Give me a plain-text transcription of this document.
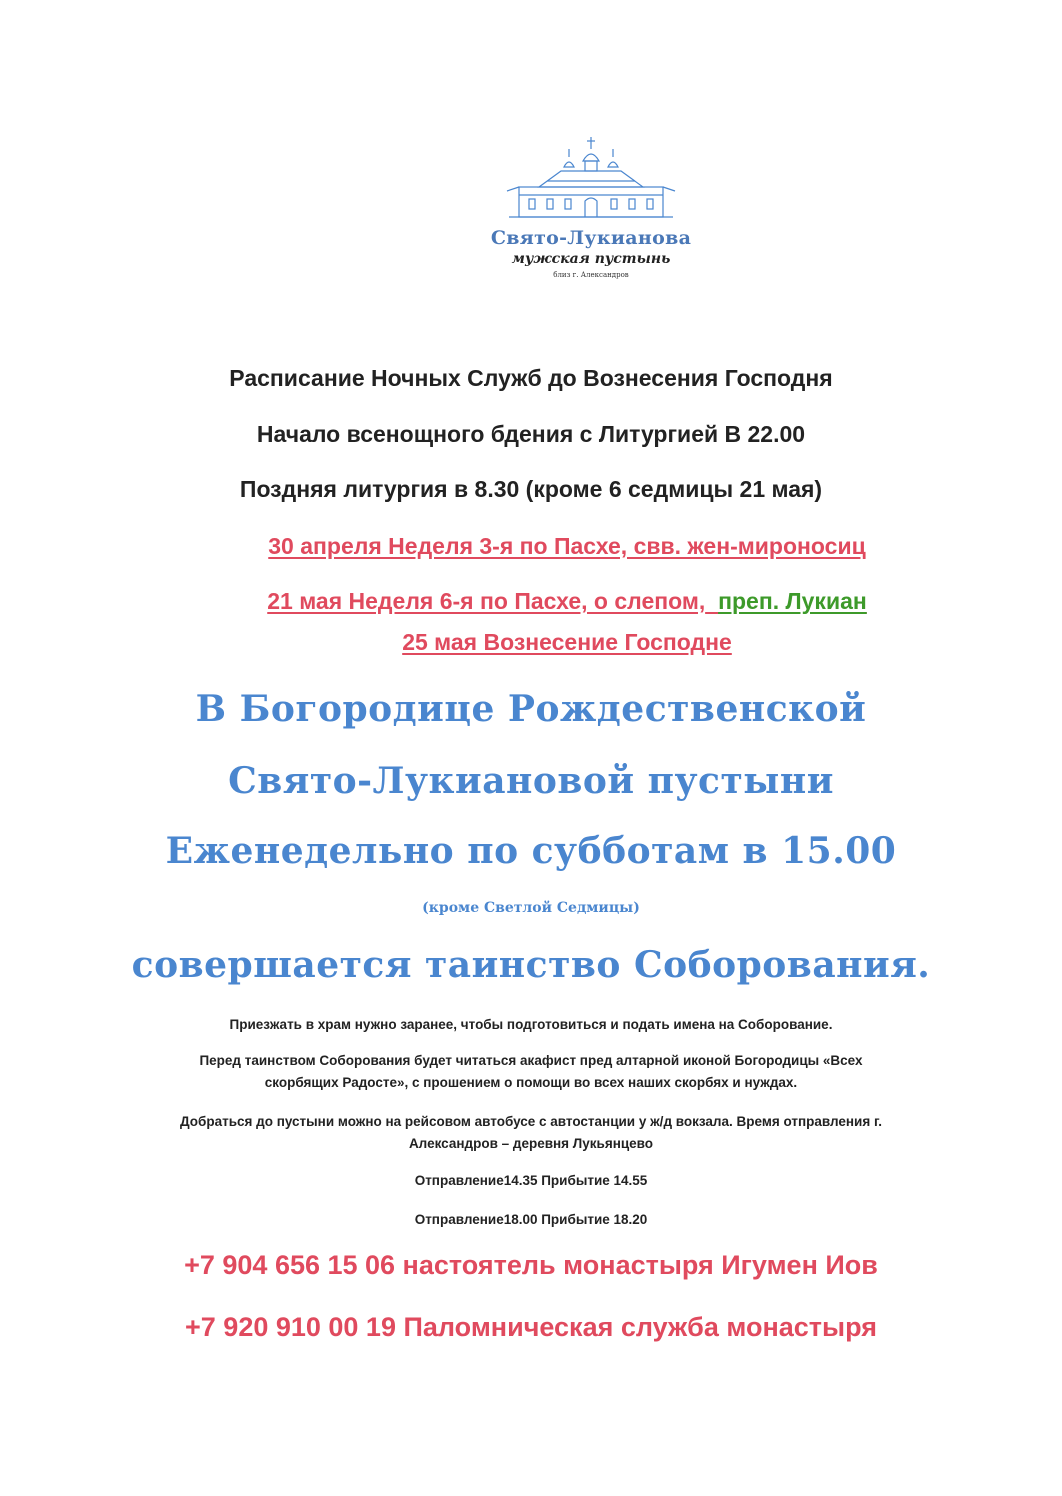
Свято-Лукианова
мужская пустынь
близ г. Александров

Расписание Ночных Служб до Вознесения Господня

Начало всенощного бдения с Литургией В 22.00

Поздняя литургия в 8.30 (кроме 6 седмицы 21 мая)

30 апреля Неделя 3-я по Пасхе, свв. жен-мироносиц

21 мая Неделя 6-я по Пасхе, о слепом, преп. Лукиан

25 мая Вознесение Господне

В Богородице Рождественской

Свято-Лукиановой пустыни

Еженедельно по субботам в 15.00

(кроме Светлой Седмицы)

совершается таинство Соборования.

Приезжать в храм нужно заранее, чтобы подготовиться и подать имена на Соборование.

Перед таинством Соборования будет читаться акафист пред алтарной иконой Богородицы «Всех

скорбящих Радосте», с прошением о помощи во всех наших скорбях и нуждах.

Добраться до пустыни можно на рейсовом автобусе с автостанции у ж/д вокзала. Время отправления г.

Александров – деревня Лукьянцево

Отправление14.35 Прибытие 14.55

Отправление18.00 Прибытие 18.20

+7 904 656 15 06 настоятель монастыря Игумен Иов

+7 920 910 00 19 Паломническая служба монастыря
